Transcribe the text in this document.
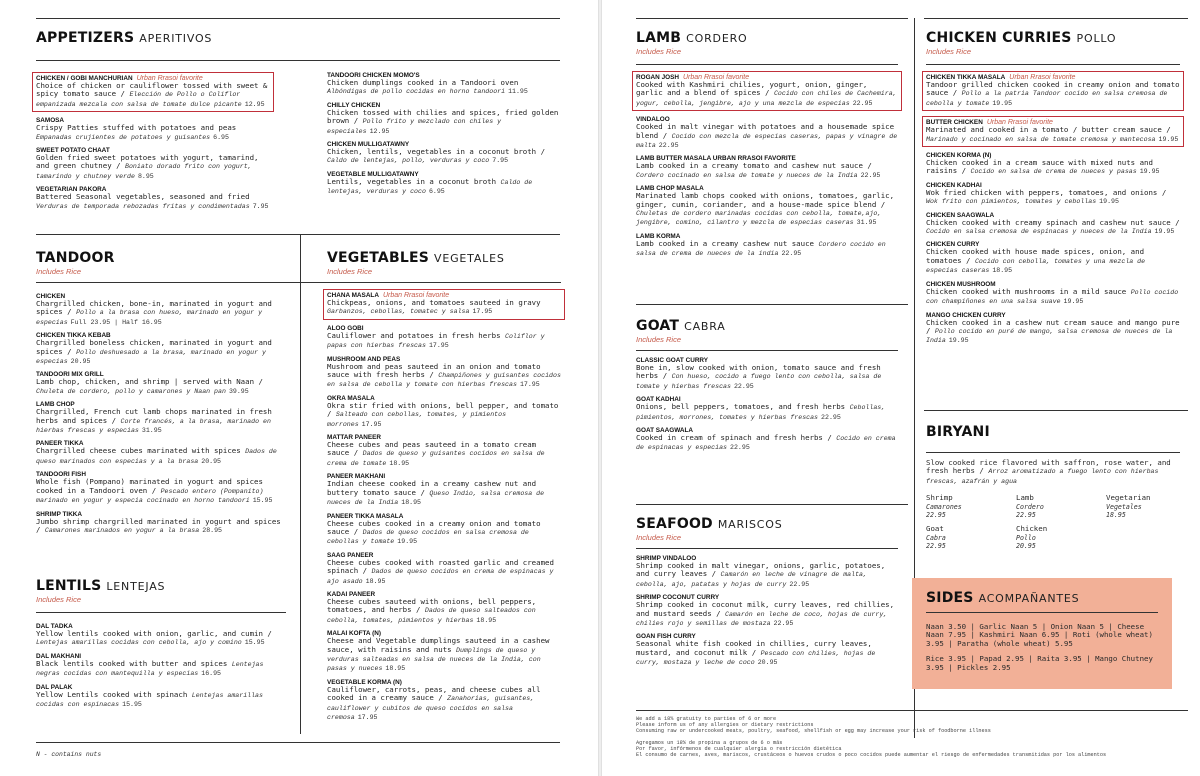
APPETIZERS APERITIVOS
CHICKEN / GOBI MANCHURIAN Urban Rrasoi favorite
Choice of chicken or cauliflower tossed with sweet & spicy tomato sauce / Elección de Pollo o Coliflor empanizada mezcala con salsa de tomate dulce picante 12.95
SAMOSA
Crispy Patties stuffed with potatoes and peas Empanadas crujientes de potatoes y guisantes 6.95
SWEET POTATO CHAAT
Golden fried sweet potatoes with yogurt, tamarind, and green chutney / Boniato dorado frito con yogurt, tamarindo y chutney verde 8.95
VEGETARIAN PAKORA
Battered Seasonal vegetables, seasoned and fried Verduras de temporada rebozadas fritas y condimentadas 7.95
TANDOORI CHICKEN MOMO'S
Chicken dumplings cooked in a Tandoori oven Albóndigas de pollo cocidas en horno tandoori 11.95
CHILLY CHICKEN
Chicken tossed with chilies and spices, fried golden brown / Pollo frito y mezclado con chiles y especiales 12.95
CHICKEN MULLIGATAWNY
Chicken, lentils, vegetables in a coconut broth / Caldo de lentejas, pollo, verduras y coco 7.95
VEGETABLE MULLIGATAWNY
Lentils, vegetables in a coconut broth Caldo de lentejas, verduras y coco 6.95
TANDOOR
Includes Rice
CHICKEN
Chargrilled chicken, bone-in, marinated in yogurt and spices / Pollo a la brasa con hueso, marinado en yogur y especias Full 23.95 | Half 16.95
CHICKEN TIKKA KEBAB
Chargrilled boneless chicken, marinated in yogurt and spices / Pollo deshuesado a la brasa, marinado en yogur y especias 20.95
TANDOORI MIX GRILL
Lamb chop, chicken, and shrimp | served with Naan / Chuleta de cordero, pollo y camarones y Naan pan 39.95
LAMB CHOP
Chargrilled, French cut lamb chops marinated in fresh herbs and spices / Corte francés, a la brasa, marinado en hierbas frescas y especias 31.95
PANEER TIKKA
Chargrilled cheese cubes marinated with spices Dados de queso marinados con especias y a la brasa 20.95
TANDOORI FISH
Whole fish (Pompano) marinated in yogurt and spices cooked in a Tandoori oven / Pescado entero (Pompanito) marinado en yogur y especia cocinado en horno tandoori 15.95
SHRIMP TIKKA
Jumbo shrimp chargrilled marinated in yogurt and spices / Camarones marinados en yogur a la brasa 28.95
LENTILS LENTEJAS
Includes Rice
DAL TADKA
Yellow lentils cooked with onion, garlic, and cumin / Lentejas amarillas cocidas con cebolla, ajo y comino 15.95
DAL MAKHANI
Black lentils cooked with butter and spices Lentejas negras cocidas con mantequilla y especias 16.95
DAL PALAK
Yellow Lentils cooked with spinach Lentejas amarillas cocidas con espinacas 15.95
VEGETABLES VEGETALES
Includes Rice
CHANA MASALA Urban Rrasoi favorite
Chickpeas, onions, and tomatoes sauteed in gravy Garbanzos, cebollas, tomatec y salsa 17.95
ALOO GOBI
Cauliflower and potatoes in fresh herbs Coliflor y papas con hierbas frescas 17.95
MUSHROOM AND PEAS
Mushroom and peas sauteed in an onion and tomato sauce with fresh herbs / Champiñones y guisantes cocidos en salsa de cebolla y tomate con hierbas frescas 17.95
OKRA MASALA
Okra stir fried with onions, bell pepper, and tomato / Salteado con cebollas, tomates, y pimientos morrones 17.95
MATTAR PANEER
Cheese cubes and peas sauteed in a tomato cream sauce / Dados de queso y guisantes cocidos en salsa de crema de tomate 18.95
PANEER MAKHANI
Indian cheese cooked in a creamy cashew nut and buttery tomato sauce / Queso Indio, salsa cremosa de nueces de la India 18.95
PANEER TIKKA MASALA
Cheese cubes cooked in a creamy onion and tomato sauce / Dados de queso cocidos en salsa cremosa de cebollas y tomate 19.95
SAAG PANEER
Cheese cubes cooked with roasted garlic and creamed spinach / Dados de queso cocidos en crema de espinacas y ajo asado 18.95
KADAI PANEER
Cheese cubes sauteed with onions, bell peppers, tomatoes, and herbs / Dados de queso salteados con cebolla, tomates, pimientos y hierbas 18.95
MALAI KOFTA (N)
Cheese and Vegetable dumplings sauteed in a cashew sauce, with raisins and nuts Dumplings de queso y verduras salteadas en salsa de nueces de la India, con pasas y nueces 18.95
VEGETABLE KORMA (N)
Cauliflower, carrots, peas, and cheese cubes all cooked in a creamy sauce / Zanahorias, guisantes, cauliflower y cubitos de queso cocidos en salsa cremosa 17.95
N - contains nuts
LAMB CORDERO
Includes Rice
ROGAN JOSH Urban Rrasoi favorite
Cooked with Kashmiri chilies, yogurt, onion, ginger, garlic and a blend of spices / Cocido con chiles de Cachemira, yogur, cebolla, jengibre, ajo y una mezcla de especias 22.95
VINDALOO
Cooked in malt vinegar with potatoes and a housemade spice blend / Cocido con mezcla de especias caseras, papas y vinagre de malta 22.95
LAMB BUTTER MASALA URBAN RRASOI FAVORITE
Lamb cooked in a creamy tomato and cashew nut sauce / Cordero cocinado en salsa de tomate y nueces de la India 22.95
LAMB CHOP MASALA
Marinated lamb chops cooked with onions, tomatoes, garlic, ginger, cumin, coriander, and a house-made spice blend / Chuletas de cordero marinadas cocidas con cebolla, tomate,ajo, jengibre, comino, cilantro y mezcla de especias caseras 31.95
LAMB KORMA
Lamb cooked in a creamy cashew nut sauce Cordero cocido en salsa de crema de nueces de la india 22.95
GOAT CABRA
Includes Rice
CLASSIC GOAT CURRY
Bone in, slow cooked with onion, tomato sauce and fresh herbs / Con hueso, cocido a fuego lento con cebolla, salsa de tomate y hierbas frescas 22.95
GOAT KADHAI
Onions, bell peppers, tomatoes, and fresh herbs Cebollas, pimientos, morrones, tomates y hierbas frescas 22.95
GOAT SAAGWALA
Cooked in cream of spinach and fresh herbs / Cocido en crema de espinacas y especias 22.95
SEAFOOD MARISCOS
Includes Rice
SHRIMP VINDALOO
Shrimp cooked in malt vinegar, onions, garlic, potatoes, and curry leaves / Camarón en leche de vinagre de malta, cebolla, ajo, patatas y hojas de curry 22.95
SHRIMP COCONUT CURRY
Shrimp cooked in coconut milk, curry leaves, red chillies, and mustard seeds / Camarón en leche de coco, hojas de curry, chilies rojo y semillas de mostaza 22.95
GOAN FISH CURRY
Seasonal white fish cooked in chillies, curry leaves, mustard, and coconut milk / Pescado con chilies, hojas de curry, mostaza y leche de coco 20.95
CHICKEN CURRIES POLLO
Includes Rice
CHICKEN TIKKA MASALA Urban Rrasoi favorite
Tandoor grilled chicken cooked in creamy onion and tomato sauce / Pollo a la patria Tandoor cocido en salsa cremosa de cebolla y tomate 19.95
BUTTER CHICKEN Urban Rrasoi favorite
Marinated and cooked in a tomato / butter cream sauce / Marinado y cocinado en salsa de tomate cremosa y mantecosa 19.95
CHICKEN KORMA (N)
Chicken cooked in a cream sauce with mixed nuts and raisins / Cocido en salsa de crema de nueces y pasas 19.95
CHICKEN KADHAI
Wok fried chicken with peppers, tomatoes, and onions / Wok frito con pimientos, tomates y cebollas 19.95
CHICKEN SAAGWALA
Chicken cooked with creamy spinach and cashew nut sauce / Cocido en salsa cremosa de espinacas y nueces de la India 19.95
CHICKEN CURRY
Chicken cooked with house made spices, onion, and tomatoes / Cocido con cebolla, tomates y una mezcla de especias caseras 18.95
CHICKEN MUSHROOM
Chicken cooked with mushrooms in a mild sauce Pollo cocido con champiñones en una salsa suave 19.95
MANGO CHICKEN CURRY
Chicken cooked in a cashew nut cream sauce and mango pure / Pollo cocido en puré de mango, salsa cremosa de nueces de la India 19.95
BIRYANI
Slow cooked rice flavored with saffron, rose water, and fresh herbs / Arroz aromatizado a fuego lento con hierbas frescas, azafrán y agua
Shrimp
Camarones
22.95
Lamb
Cordero
22.95
Vegetarian
Vegetales
18.95
Goat
Cabra
22.95
Chicken
Pollo
20.95
SIDES ACOMPAÑANTES
Naan 3.50 | Garlic Naan 5 | Onion Naan 5 | Cheese Naan 7.95 | Kashmiri Naan 6.95 | Roti (whole wheat) 3.95 | Paratha (whole wheat) 5.95
Rice 3.95 | Papad 2.95 | Raita 3.95 | Mango Chutney 3.95 | Pickles 2.95
We add a 18% gratuity to parties of 6 or more
Please inform us of any allergies or dietary restrictions
Consuming raw or undercooked meats, poultry, seafood, shellfish or egg may increase your risk of foodborne illness
Agregamos un 18% de propina a grupos de 6 o más
Por favor, infórmenos de cualquier alergia o restricción dietética
El consumo de carnes, aves, mariscos, crustáceos o huevos crudos o poco cocidos puede aumentar el riesgo de enfermedades transmitidas por los alimentos
